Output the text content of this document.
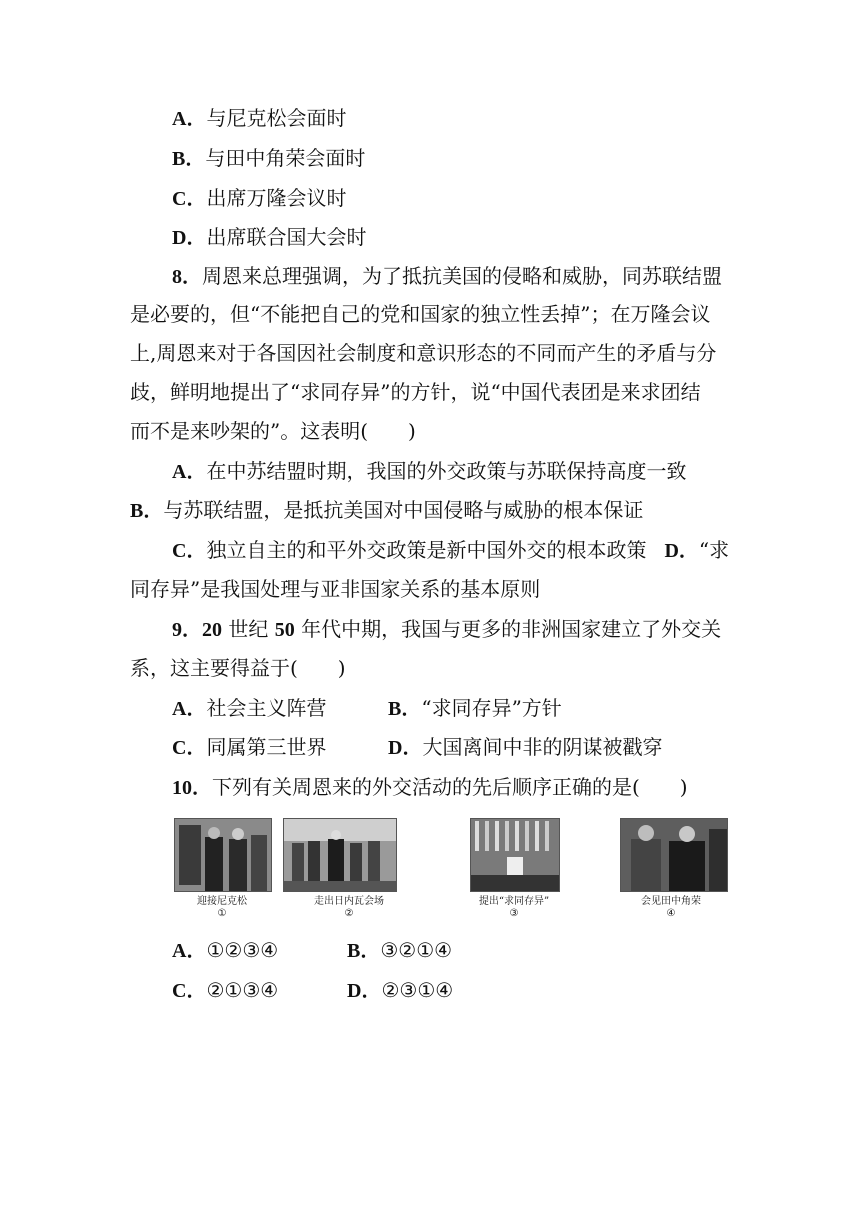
A．与尼克松会面时
B．与田中角荣会面时
C．出席万隆会议时
D．出席联合国大会时
8．周恩来总理强调，为了抵抗美国的侵略和威胁，同苏联结盟
是必要的，但“不能把自己的党和国家的独立性丢掉”；在万隆会议
上,周恩来对于各国因社会制度和意识形态的不同而产生的矛盾与分
歧，鲜明地提出了“求同存异”的方针，说“中国代表团是来求团结
而不是来吵架的”。这表明(　　)
A．在中苏结盟时期，我国的外交政策与苏联保持高度一致
B．与苏联结盟，是抵抗美国对中国侵略与威胁的根本保证
C．独立自主的和平外交政策是新中国外交的根本政策 D．“求
同存异”是我国处理与亚非国家关系的基本原则
9．20 世纪 50 年代中期，我国与更多的非洲国家建立了外交关
系，这主要得益于(　　)
A．社会主义阵营	B．“求同存异”方针
C．同属第三世界	D．大国离间中非的阴谋被戳穿
10．下列有关周恩来的外交活动的先后顺序正确的是(　　)
迎接尼克松
①
走出日内瓦会场
②
提出“求同存异”
③
会见田中角荣
④
A．①②③④	B．③②①④
C．②①③④	D．②③①④
